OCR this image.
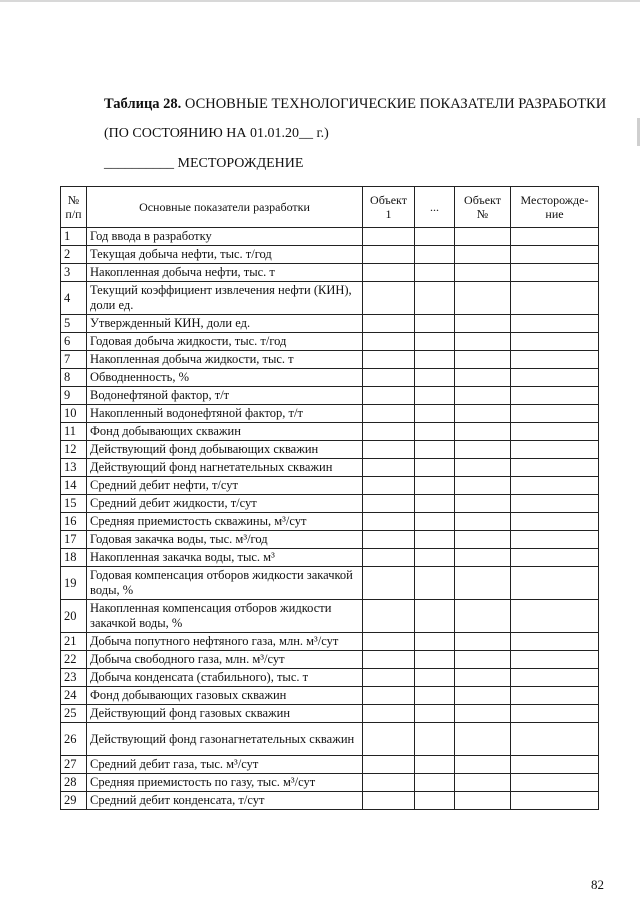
Таблица 28. ОСНОВНЫЕ ТЕХНОЛОГИЧЕСКИЕ ПОКАЗАТЕЛИ РАЗРАБОТКИ
(ПО СОСТОЯНИЮ НА 01.01.20__ г.)
__________ МЕСТОРОЖДЕНИЕ
№ п/п	Основные показатели разработки	Объект 1	...	Объект №	Месторожде-ние
1	Год ввода в разработку				
2	Текущая добыча нефти, тыс. т/год				
3	Накопленная добыча нефти, тыс. т				
4	Текущий коэффициент извлечения нефти (КИН), доли ед.				
5	Утвержденный КИН, доли ед.				
6	Годовая добыча жидкости, тыс. т/год				
7	Накопленная добыча жидкости, тыс. т				
8	Обводненность, %				
9	Водонефтяной фактор, т/т				
10	Накопленный водонефтяной фактор, т/т				
11	Фонд добывающих скважин				
12	Действующий фонд добывающих скважин				
13	Действующий фонд нагнетательных скважин				
14	Средний дебит нефти, т/сут				
15	Средний дебит жидкости, т/сут				
16	Средняя приемистость скважины, м³/сут				
17	Годовая закачка воды, тыс. м³/год				
18	Накопленная закачка воды, тыс. м³				
19	Годовая компенсация отборов жидкости закачкой воды, %				
20	Накопленная компенсация отборов жидкости закачкой воды, %				
21	Добыча попутного нефтяного газа, млн. м³/сут				
22	Добыча свободного газа, млн. м³/сут				
23	Добыча конденсата (стабильного), тыс. т				
24	Фонд добывающих газовых скважин				
25	Действующий фонд газовых скважин				
26	Действующий фонд газонагнетательных скважин				
27	Средний дебит газа, тыс. м³/сут				
28	Средняя приемистость по газу, тыс. м³/сут				
29	Средний дебит конденсата, т/сут				
82
